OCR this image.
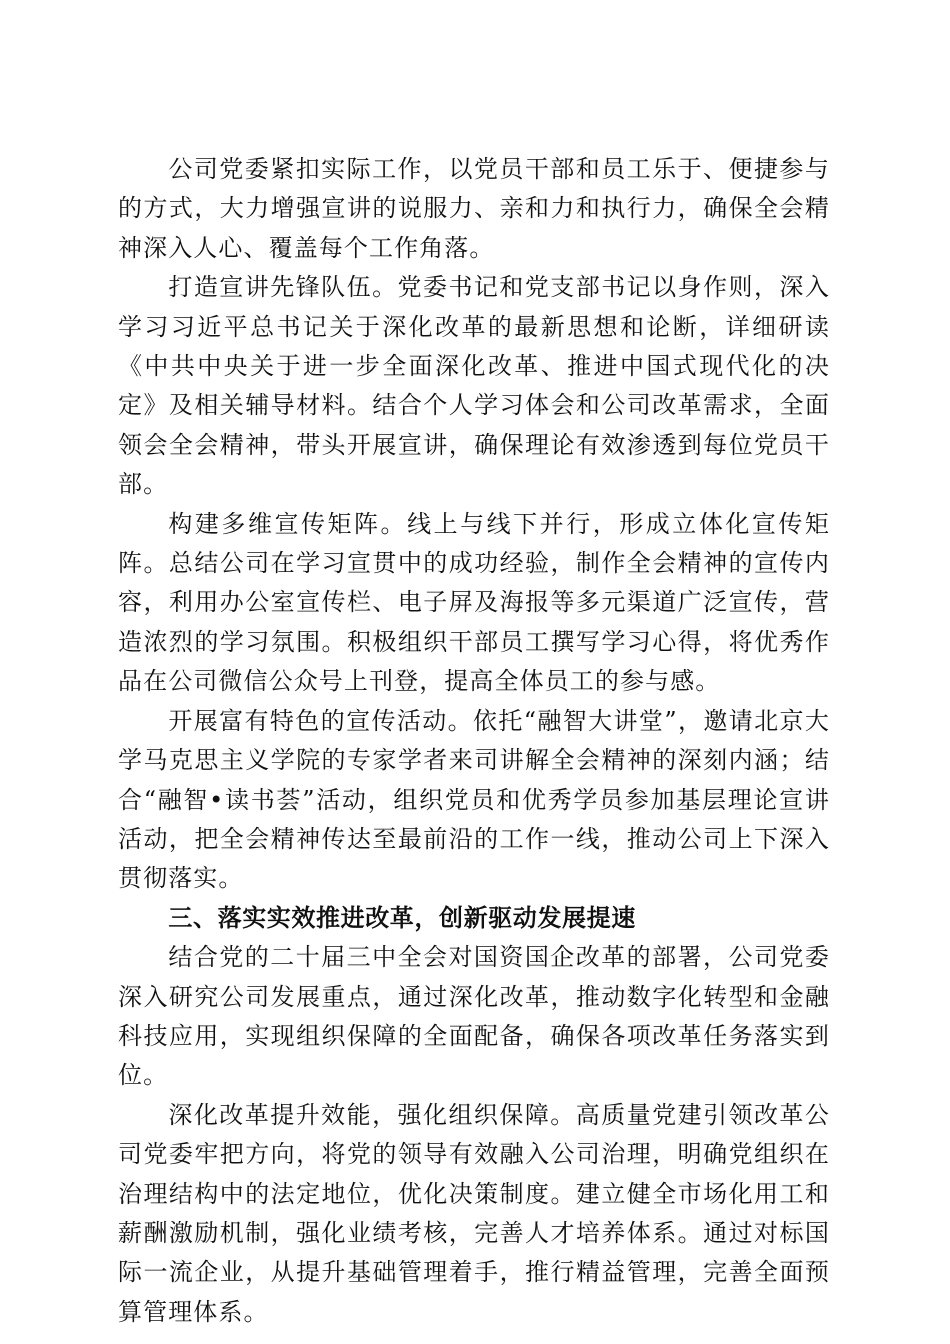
公司党委紧扣实际工作，以党员干部和员工乐于、便捷参与的方式，大力增强宣讲的说服力、亲和力和执行力，确保全会精神深入人心、覆盖每个工作角落。

打造宣讲先锋队伍。党委书记和党支部书记以身作则，深入学习习近平总书记关于深化改革的最新思想和论断，详细研读《中共中央关于进一步全面深化改革、推进中国式现代化的决定》及相关辅导材料。结合个人学习体会和公司改革需求，全面领会全会精神，带头开展宣讲，确保理论有效渗透到每位党员干部。

构建多维宣传矩阵。线上与线下并行，形成立体化宣传矩阵。总结公司在学习宣贯中的成功经验，制作全会精神的宣传内容，利用办公室宣传栏、电子屏及海报等多元渠道广泛宣传，营造浓烈的学习氛围。积极组织干部员工撰写学习心得，将优秀作品在公司微信公众号上刊登，提高全体员工的参与感。

开展富有特色的宣传活动。依托“融智大讲堂”，邀请北京大学马克思主义学院的专家学者来司讲解全会精神的深刻内涵；结合“融智•读书荟”活动，组织党员和优秀学员参加基层理论宣讲活动，把全会精神传达至最前沿的工作一线，推动公司上下深入贯彻落实。

三、落实实效推进改革，创新驱动发展提速

结合党的二十届三中全会对国资国企改革的部署，公司党委深入研究公司发展重点，通过深化改革，推动数字化转型和金融科技应用，实现组织保障的全面配备，确保各项改革任务落实到位。

深化改革提升效能，强化组织保障。高质量党建引领改革公司党委牢把方向，将党的领导有效融入公司治理，明确党组织在治理结构中的法定地位，优化决策制度。建立健全市场化用工和薪酬激励机制，强化业绩考核，完善人才培养体系。通过对标国际一流企业，从提升基础管理着手，推行精益管理，完善全面预算管理体系。
